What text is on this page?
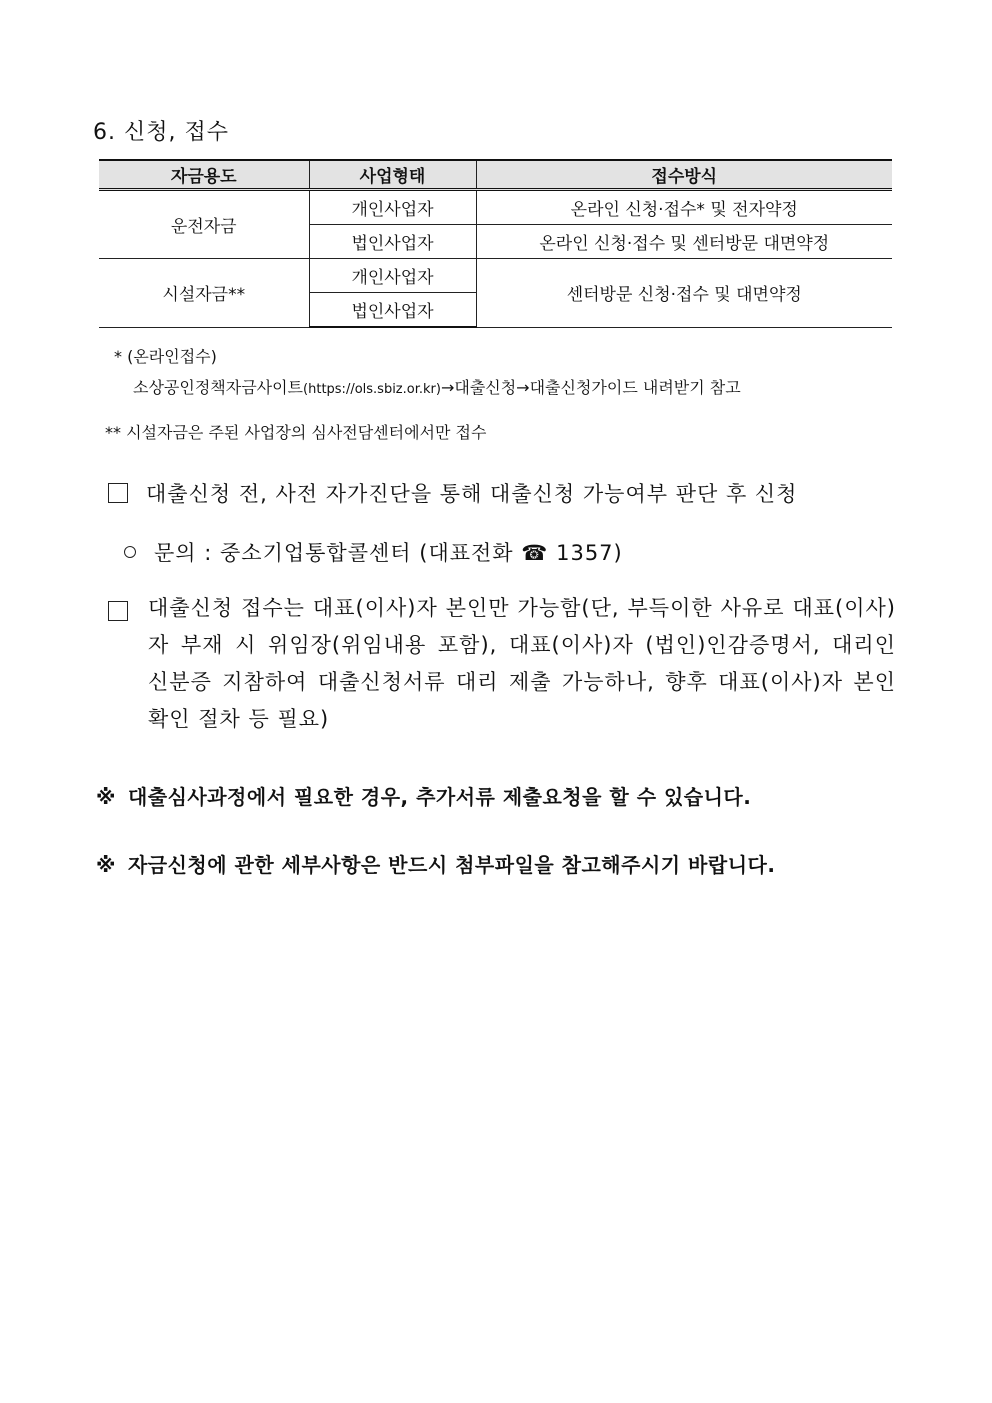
6. 신청, 접수
자금용도	사업형태	접수방식
운전자금	개인사업자	온라인 신청·접수* 및 전자약정
	법인사업자	온라인 신청·접수 및 센터방문 대면약정
시설자금**	개인사업자	센터방문 신청·접수 및 대면약정
	법인사업자	
* (온라인접수)
소상공인정책자금사이트(https://ols.sbiz.or.kr)→대출신청→대출신청가이드 내려받기 참고
** 시설자금은 주된 사업장의 심사전담센터에서만 접수
대출신청 전, 사전 자가진단을 통해 대출신청 가능여부 판단 후 신청
문의 : 중소기업통합콜센터 (대표전화 ☎ 1357)
대출신청 접수는 대표(이사)자 본인만 가능함(단, 부득이한 사유로 대표(이사)자 부재 시 위임장(위임내용 포함), 대표(이사)자 (법인)인감증명서, 대리인 신분증 지참하여 대출신청서류 대리 제출 가능하나, 향후 대표(이사)자 본인 확인 절차 등 필요)
※ 대출심사과정에서 필요한 경우, 추가서류 제출요청을 할 수 있습니다.
※ 자금신청에 관한 세부사항은 반드시 첨부파일을 참고해주시기 바랍니다.
